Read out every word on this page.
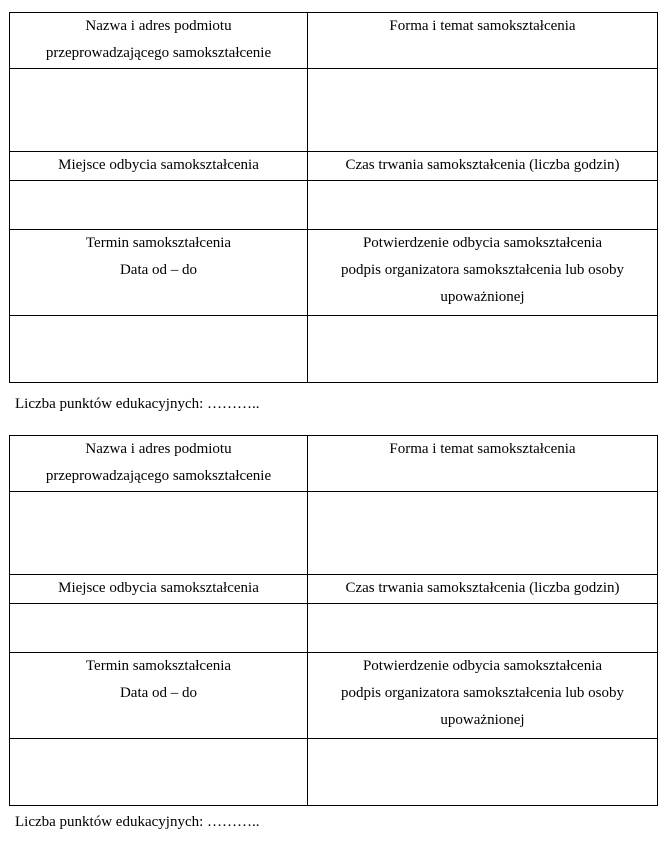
Nazwa i adres podmiotu
przeprowadzającego samokształcenie	Forma i temat samokształcenia

Miejsce odbycia samokształcenia	Czas trwania samokształcenia (liczba godzin)

Termin samokształcenia
Data od – do	Potwierdzenie odbycia samokształcenia
podpis organizatora samokształcenia lub osoby
upoważnionej

Liczba punktów edukacyjnych: ………..
Nazwa i adres podmiotu
przeprowadzającego samokształcenie	Forma i temat samokształcenia

Miejsce odbycia samokształcenia	Czas trwania samokształcenia (liczba godzin)

Termin samokształcenia
Data od – do	Potwierdzenie odbycia samokształcenia
podpis organizatora samokształcenia lub osoby
upoważnionej

Liczba punktów edukacyjnych: ………..
